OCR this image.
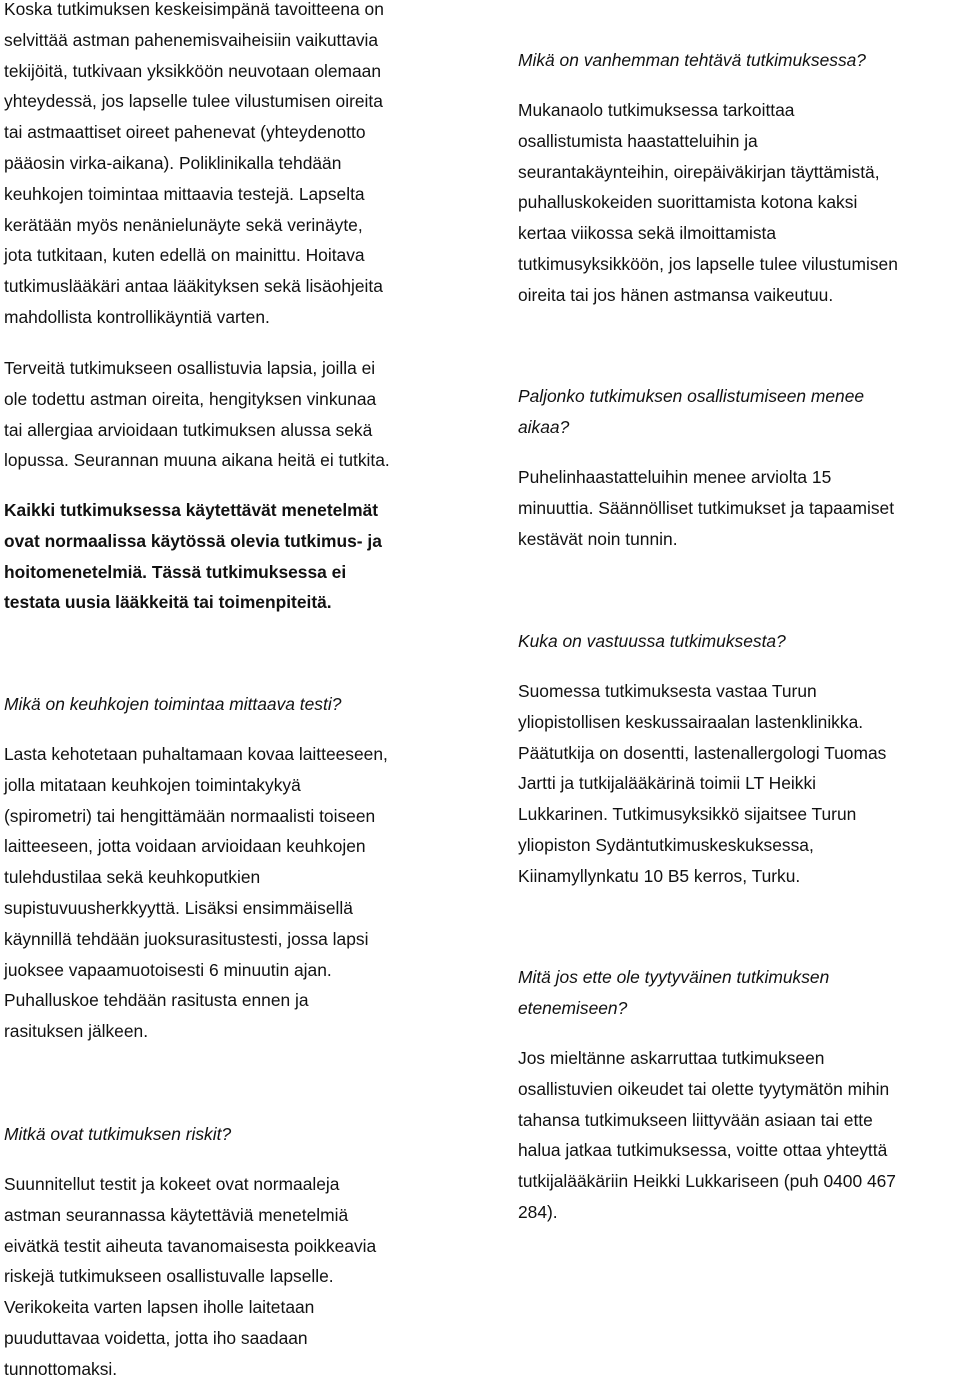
Koska tutkimuksen keskeisimpänä tavoitteena on
selvittää astman pahenemisvaiheisiin vaikuttavia
tekijöitä, tutkivaan yksikköön neuvotaan olemaan
yhteydessä, jos lapselle tulee vilustumisen oireita
tai astmaattiset oireet pahenevat (yhteydenotto
pääosin virka-aikana). Poliklinikalla tehdään
keuhkojen toimintaa mittaavia testejä. Lapselta
kerätään myös nenänielunäyte sekä verinäyte,
jota tutkitaan, kuten edellä on mainittu. Hoitava
tutkimuslääkäri antaa lääkityksen sekä lisäohjeita
mahdollista kontrollikäyntiä varten.

Terveitä tutkimukseen osallistuvia lapsia, joilla ei
ole todettu astman oireita, hengityksen vinkunaa
tai allergiaa arvioidaan tutkimuksen alussa sekä
lopussa. Seurannan muuna aikana heitä ei tutkita.

Kaikki tutkimuksessa käytettävät menetelmät
ovat normaalissa käytössä olevia tutkimus- ja
hoitomenetelmiä. Tässä tutkimuksessa ei
testata uusia lääkkeitä tai toimenpiteitä.

Mikä on keuhkojen toimintaa mittaava testi?

Lasta kehotetaan puhaltamaan kovaa laitteeseen,
jolla mitataan keuhkojen toimintakykyä
(spirometri) tai hengittämään normaalisti toiseen
laitteeseen, jotta voidaan arvioidaan keuhkojen
tulehdustilaa sekä keuhkoputkien
supistuvuusherkkyyttä. Lisäksi ensimmäisellä
käynnillä tehdään juoksurasitustesti, jossa lapsi
juoksee vapaamuotoisesti 6 minuutin ajan.
Puhalluskoe tehdään rasitusta ennen ja
rasituksen jälkeen.

Mitkä ovat tutkimuksen riskit?

Suunnitellut testit ja kokeet ovat normaaleja
astman seurannassa käytettäviä menetelmiä
eivätkä testit aiheuta tavanomaisesta poikkeavia
riskejä tutkimukseen osallistuvalle lapselle.
Verikokeita varten lapsen iholle laitetaan
puuduttavaa voidetta, jotta iho saadaan
tunnottomaksi.

Mikä on vanhemman tehtävä tutkimuksessa?

Mukanaolo tutkimuksessa tarkoittaa
osallistumista haastatteluihin ja
seurantakäynteihin, oirepäiväkirjan täyttämistä,
puhalluskokeiden suorittamista kotona kaksi
kertaa viikossa sekä ilmoittamista
tutkimusyksikköön, jos lapselle tulee vilustumisen
oireita tai jos hänen astmansa vaikeutuu.

Paljonko tutkimuksen osallistumiseen menee
aikaa?

Puhelinhaastatteluihin menee arviolta 15
minuuttia. Säännölliset tutkimukset ja tapaamiset
kestävät noin tunnin.

Kuka on vastuussa tutkimuksesta?

Suomessa tutkimuksesta vastaa Turun
yliopistollisen keskussairaalan lastenklinikka.
Päätutkija on dosentti, lastenallergologi Tuomas
Jartti ja tutkijalääkärinä toimii LT Heikki
Lukkarinen. Tutkimusyksikkö sijaitsee Turun
yliopiston Sydäntutkimuskeskuksessa,
Kiinamyllynkatu 10 B5 kerros, Turku.

Mitä jos ette ole tyytyväinen tutkimuksen
etenemiseen?

Jos mieltänne askarruttaa tutkimukseen
osallistuvien oikeudet tai olette tyytymätön mihin
tahansa tutkimukseen liittyvään asiaan tai ette
halua jatkaa tutkimuksessa, voitte ottaa yhteyttä
tutkijalääkäriin Heikki Lukkariseen (puh 0400 467
284).
